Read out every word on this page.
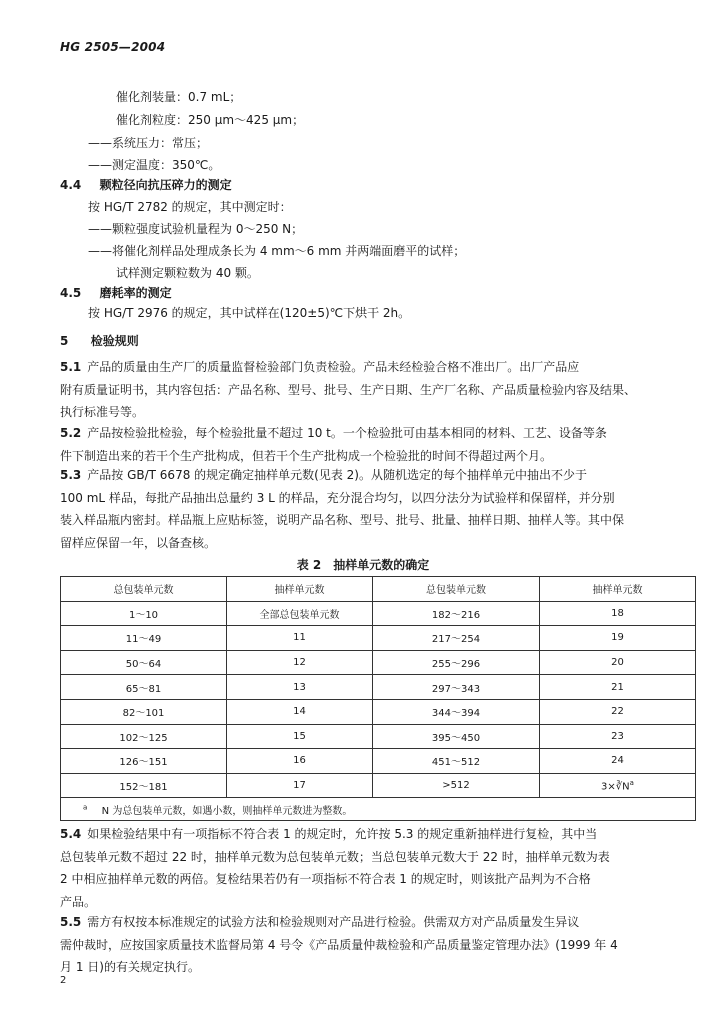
HG 2505—2004
催化剂装量：0.7 mL；
催化剂粒度：250 μm～425 μm；
——系统压力：常压；
——测定温度：350℃。
4.4 颗粒径向抗压碎力的测定
按 HG/T 2782 的规定，其中测定时：
——颗粒强度试验机量程为 0～250 N；
——将催化剂样品处理成条长为 4 mm～6 mm 并两端面磨平的试样；
试样测定颗粒数为 40 颗。
4.5 磨耗率的测定
按 HG/T 2976 的规定，其中试样在(120±5)℃下烘干 2h。
5 检验规则
5.1 产品的质量由生产厂的质量监督检验部门负责检验。产品未经检验合格不准出厂。出厂产品应
附有质量证明书，其内容包括：产品名称、型号、批号、生产日期、生产厂名称、产品质量检验内容及结果、
执行标准号等。
5.2 产品按检验批检验，每个检验批量不超过 10 t。一个检验批可由基本相同的材料、工艺、设备等条
件下制造出来的若干个生产批构成，但若干个生产批构成一个检验批的时间不得超过两个月。
5.3 产品按 GB/T 6678 的规定确定抽样单元数(见表 2)。从随机选定的每个抽样单元中抽出不少于
100 mL 样品，每批产品抽出总量约 3 L 的样品，充分混合均匀，以四分法分为试验样和保留样，并分别
装入样品瓶内密封。样品瓶上应贴标签，说明产品名称、型号、批号、批量、抽样日期、抽样人等。其中保
留样应保留一年，以备查核。
表 2　抽样单元数的确定
总包装单元数	抽样单元数	总包装单元数	抽样单元数
1～10	全部总包装单元数	182～216	18
11～49	11	217～254	19
50～64	12	255～296	20
65～81	13	297～343	21
82～101	14	344～394	22
102～125	15	395～450	23
126～151	16	451～512	24
152～181	17	>512	$3\times∛N^a$
$^a$ N 为总包装单元数，如遇小数，则抽样单元数进为整数。			
5.4 如果检验结果中有一项指标不符合表 1 的规定时，允许按 5.3 的规定重新抽样进行复检，其中当
总包装单元数不超过 22 时，抽样单元数为总包装单元数；当总包装单元数大于 22 时，抽样单元数为表
2 中相应抽样单元数的两倍。复检结果若仍有一项指标不符合表 1 的规定时，则该批产品判为不合格
产品。
5.5 需方有权按本标准规定的试验方法和检验规则对产品进行检验。供需双方对产品质量发生异议
需仲裁时，应按国家质量技术监督局第 4 号令《产品质量仲裁检验和产品质量鉴定管理办法》(1999 年 4
月 1 日)的有关规定执行。
2
